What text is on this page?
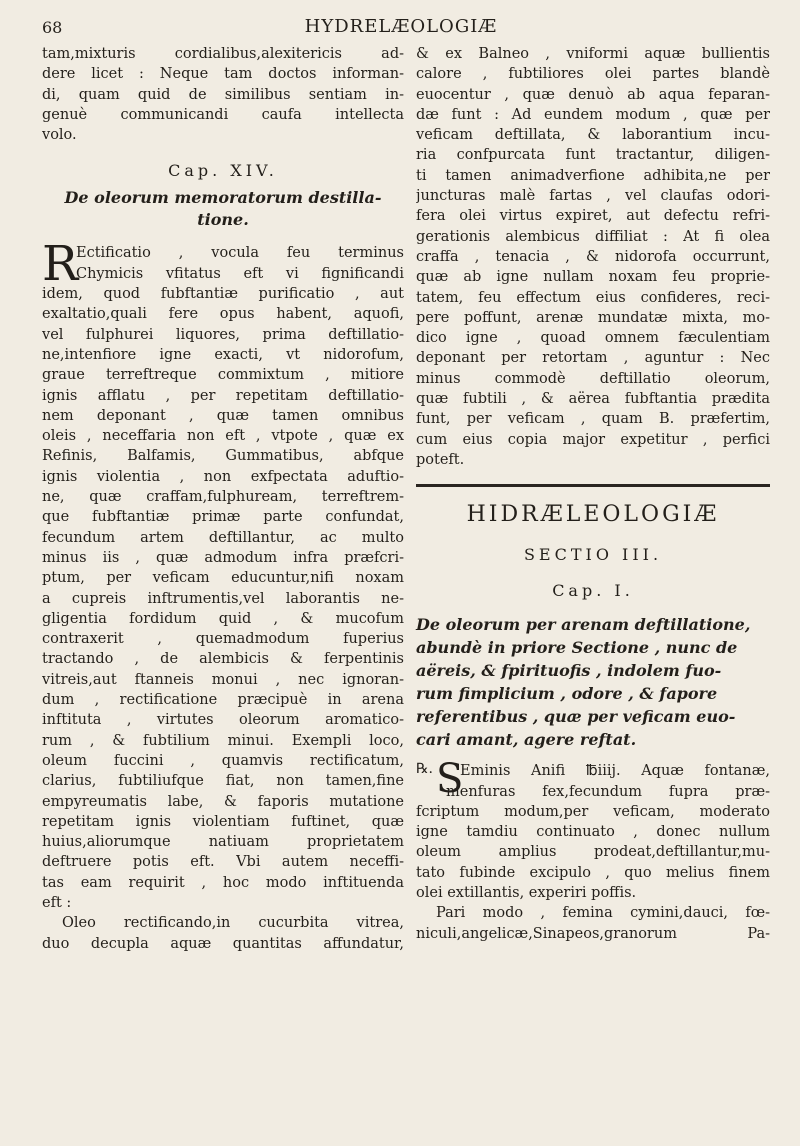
68	HYDRELÆOLOGIÆ
tam,mixturis cordialibus,alexitericis ad-
dere licet : Neque tam doctos informan-
di, quam quid de similibus sentiam in-
genuè communicandi caufa intellecta
volo.
Cap. XIV.
De oleorum memoratorum destilla-
tione.
R
Ectificatio , vocula feu terminus
Chymicis vfitatus eft vi fignificandi
idem, quod fubftantiæ purificatio , aut
exaltatio,quali fere opus habent, aquofi,
vel fulphurei liquores, prima deftillatio-
ne,intenfiore igne exacti, vt nidorofum,
graue terreftreque commixtum , mitiore
ignis afflatu , per repetitam deftillatio-
nem deponant , quæ tamen omnibus
oleis , neceffaria non eft , vtpote , quæ ex
Refinis, Balfamis, Gummatibus, abfque
ignis violentia , non exfpectata aduftio-
ne, quæ craffam,fulphuream, terreftrem-
que fubftantiæ primæ parte confundat,
fecundum artem deftillantur, ac multo
minus iis , quæ admodum infra præfcri-
ptum, per veficam educuntur,nifi noxam
a cupreis inftrumentis,vel laborantis ne-
gligentia fordidum quid , & mucofum
contraxerit , quemadmodum fuperius
tractando , de alembicis & ferpentinis
vitreis,aut ftanneis monui , nec ignoran-
dum , rectificatione præcipuè in arena
inftituta , virtutes oleorum aromatico-
rum , & fubtilium minui. Exempli loco,
oleum fuccini , quamvis rectificatum,
clarius, fubtiliufque fiat, non tamen,fine
empyreumatis labe, & faporis mutatione
repetitam ignis violentiam fuftinet, quæ
huius,aliorumque natiuam proprietatem
deftruere potis eft. Vbi autem neceffi-
tas eam requirit , hoc modo inftituenda
eft :
Oleo rectificando,in cucurbita vitrea,
duo decupla aquæ quantitas affundatur,
& ex Balneo , vniformi aquæ bullientis
calore , fubtiliores olei partes blandè
euocentur , quæ denuò ab aqua feparan-
dæ funt : Ad eundem modum , quæ per
veficam deftillata, & laborantium incu-
ria confpurcata funt tractantur, diligen-
ti tamen animadverfione adhibita,ne per
juncturas malè fartas , vel claufas odori-
fera olei virtus expiret, aut defectu refri-
gerationis alembicus diffiliat : At fi olea
craffa , tenacia , & nidorofa occurrunt,
quæ ab igne nullam noxam feu proprie-
tatem, feu effectum eius confideres, reci-
pere poffunt, arenæ mundatæ mixta, mo-
dico igne , quoad omnem fæculentiam
deponant per retortam , aguntur : Nec
minus commodè deftillatio oleorum,
quæ fubtili , & aërea fubftantia prædita
funt, per veficam , quam B. præfertim,
cum eius copia major expetitur , perfici
poteft.
HIDRÆLEOLOGIÆ
SECTIO III.
Cap. I.
De oleorum per arenam deftillatione,
abundè in priore Sectione , nunc de
aëreis, & fpirituofis , indolem fuo-
rum fimplicium , odore , & fapore
referentibus , quæ per veficam euo-
cari amant, agere reftat.
℞. S
Eminis Anifi ℔iiij. Aquæ fontanæ,
menfuras fex,fecundum fupra præ-
fcriptum modum,per veficam, moderato
igne tamdiu continuato , donec nullum
oleum amplius prodeat,deftillantur,mu-
tato fubinde excipulo , quo melius finem
olei extillantis, experiri poffis.
Pari modo , femina cymini,dauci, fœ-
niculi,angelicæ,Sinapeos,granorum Pa-
